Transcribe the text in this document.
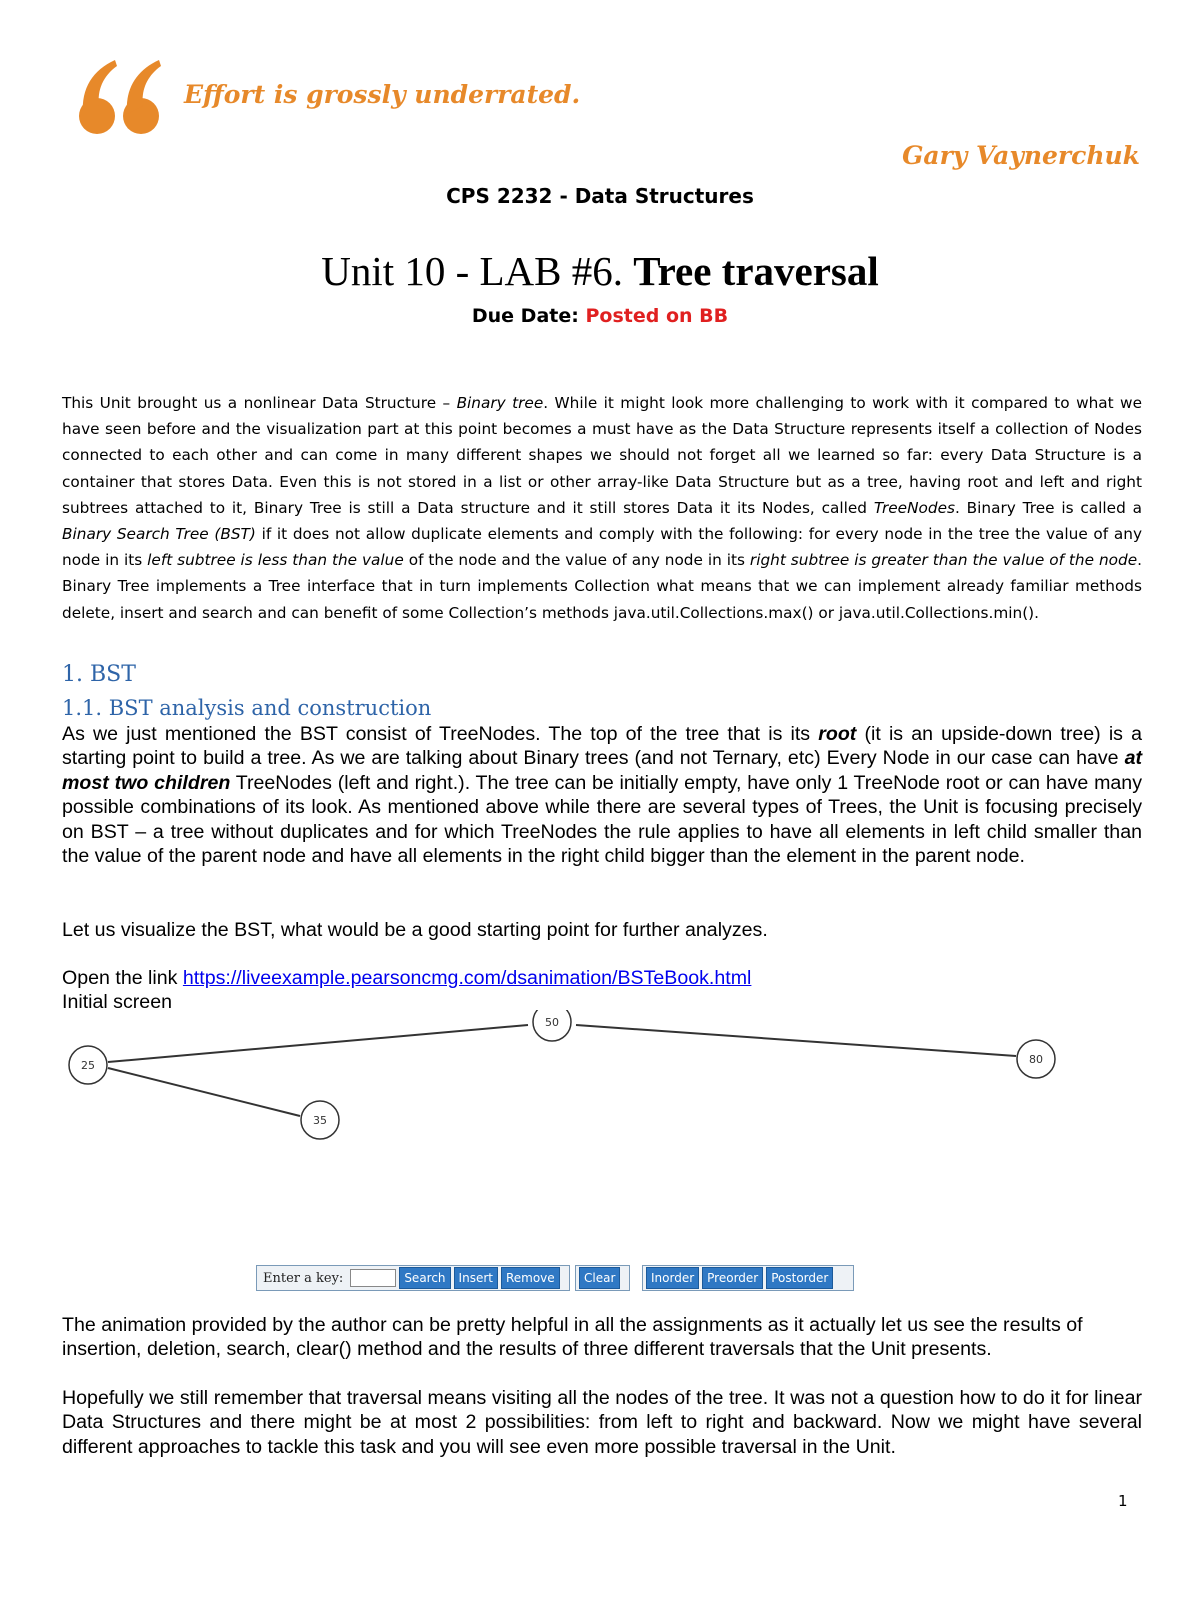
Effort is grossly underrated.
Gary Vaynerchuk
CPS 2232 - Data Structures
Unit 10 - LAB #6. Tree traversal
Due Date: Posted on BB
This Unit brought us a nonlinear Data Structure – Binary tree. While it might look more challenging to work with it compared to what we have seen before and the visualization part at this point becomes a must have as the Data Structure represents itself a collection of Nodes connected to each other and can come in many different shapes we should not forget all we learned so far: every Data Structure is a container that stores Data. Even this is not stored in a list or other array-like Data Structure but as a tree, having root and left and right subtrees attached to it, Binary Tree is still a Data structure and it still stores Data it its Nodes, called TreeNodes. Binary Tree is called a Binary Search Tree (BST) if it does not allow duplicate elements and comply with the following: for every node in the tree the value of any node in its left subtree is less than the value of the node and the value of any node in its right subtree is greater than the value of the node. Binary Tree implements a Tree interface that in turn implements Collection what means that we can implement already familiar methods delete, insert and search and can benefit of some Collection’s methods java.util.Collections.max() or java.util.Collections.min().
1. BST
1.1. BST analysis and construction
As we just mentioned the BST consist of TreeNodes. The top of the tree that is its root (it is an upside-down tree) is a starting point to build a tree. As we are talking about Binary trees (and not Ternary, etc) Every Node in our case can have at most two children TreeNodes (left and right.). The tree can be initially empty, have only 1 TreeNode root or can have many possible combinations of its look. As mentioned above while there are several types of Trees, the Unit is focusing precisely on BST – a tree without duplicates and for which TreeNodes the rule applies to have all elements in left child smaller than the value of the parent node and have all elements in the right child bigger than the element in the parent node.
Let us visualize the BST, what would be a good starting point for further analyzes.
Open the link https://liveexample.pearsoncmg.com/dsanimation/BSTeBook.html
Initial screen
50
25	80
35
Enter a key:	Search	Insert	Remove	Clear	Inorder	Preorder	Postorder
The animation provided by the author can be pretty helpful in all the assignments as it actually let us see the results of insertion, deletion, search, clear() method and the results of three different traversals that the Unit presents.
Hopefully we still remember that traversal means visiting all the nodes of the tree. It was not a question how to do it for linear Data Structures and there might be at most 2 possibilities: from left to right and backward. Now we might have several different approaches to tackle this task and you will see even more possible traversal in the Unit.
1
